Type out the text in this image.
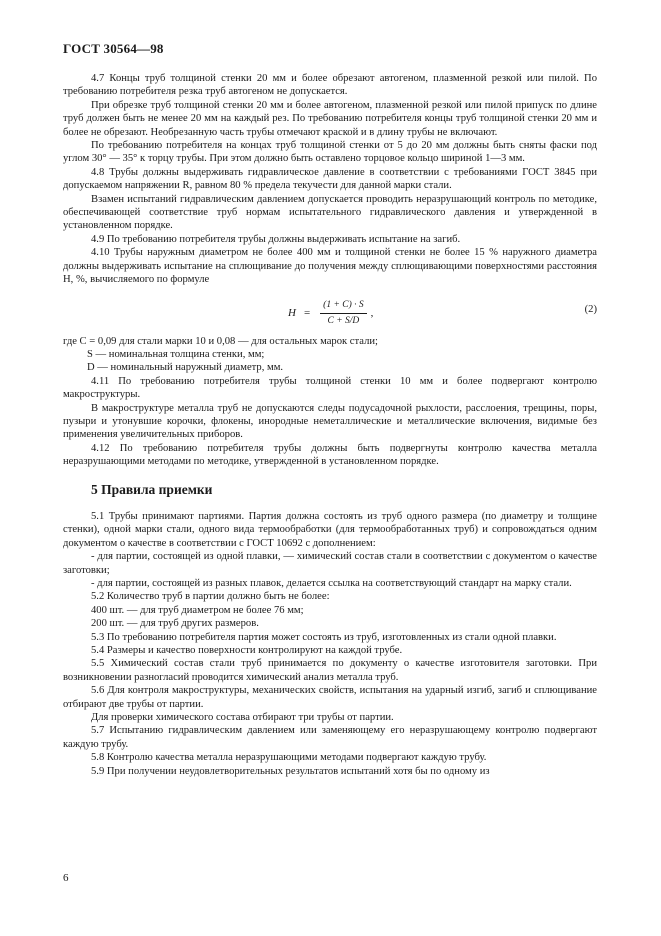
ГОСТ 30564—98

4.7 Концы труб толщиной стенки 20 мм и более обрезают автогеном, плазменной резкой или пилой. По требованию потребителя резка труб автогеном не допускается.

При обрезке труб толщиной стенки 20 мм и более автогеном, плазменной резкой или пилой припуск по длине труб должен быть не менее 20 мм на каждый рез. По требованию потребителя концы труб толщиной стенки 20 мм и более не обрезают. Необрезанную часть трубы отмечают краской и в длину трубы не включают.

По требованию потребителя на концах труб толщиной стенки от 5 до 20 мм должны быть сняты фаски под углом 30° — 35° к торцу трубы. При этом должно быть оставлено торцовое кольцо шириной 1—3 мм.

4.8 Трубы должны выдерживать гидравлическое давление в соответствии с требованиями ГОСТ 3845 при допускаемом напряжении R, равном 80 % предела текучести для данной марки стали.

Взамен испытаний гидравлическим давлением допускается проводить неразрушающий контроль по методике, обеспечивающей соответствие труб нормам испытательного гидравлического давления и утвержденной в установленном порядке.

4.9 По требованию потребителя трубы должны выдерживать испытание на загиб.

4.10 Трубы наружным диаметром не более 400 мм и толщиной стенки не более 15 % наружного диаметра должны выдерживать испытание на сплющивание до получения между сплющивающими поверхностями расстояния H, %, вычисляемого по формуле

$H = \frac{(1 + C) \cdot S}{C + S/D}$ ,	(2)

где C = 0,09 для стали марки 10 и 0,08 — для остальных марок стали;

S — номинальная толщина стенки, мм;

D — номинальный наружный диаметр, мм.

4.11 По требованию потребителя трубы толщиной стенки 10 мм и более подвергают контролю макроструктуры.

В макроструктуре металла труб не допускаются следы подусадочной рыхлости, расслоения, трещины, поры, пузыри и утонувшие корочки, флокены, инородные неметаллические и металлические включения, видимые без применения увеличительных приборов.

4.12 По требованию потребителя трубы должны быть подвергнуты контролю качества металла неразрушающими методами по методике, утвержденной в установленном порядке.

5 Правила приемки

5.1 Трубы принимают партиями. Партия должна состоять из труб одного размера (по диаметру и толщине стенки), одной марки стали, одного вида термообработки (для термообработанных труб) и сопровождаться одним документом о качестве в соответствии с ГОСТ 10692 с дополнением:

- для партии, состоящей из одной плавки, — химический состав стали в соответствии с документом о качестве заготовки;

- для партии, состоящей из разных плавок, делается ссылка на соответствующий стандарт на марку стали.

5.2 Количество труб в партии должно быть не более:

400 шт. — для труб диаметром не более 76 мм;

200 шт. — для труб других размеров.

5.3 По требованию потребителя партия может состоять из труб, изготовленных из стали одной плавки.

5.4 Размеры и качество поверхности контролируют на каждой трубе.

5.5 Химический состав стали труб принимается по документу о качестве изготовителя заготовки. При возникновении разногласий проводится химический анализ металла труб.

5.6 Для контроля макроструктуры, механических свойств, испытания на ударный изгиб, загиб и сплющивание отбирают две трубы от партии.

Для проверки химического состава отбирают три трубы от партии.

5.7 Испытанию гидравлическим давлением или заменяющему его неразрушающему контролю подвергают каждую трубу.

5.8 Контролю качества металла неразрушающими методами подвергают каждую трубу.

5.9 При получении неудовлетворительных результатов испытаний хотя бы по одному из

6
